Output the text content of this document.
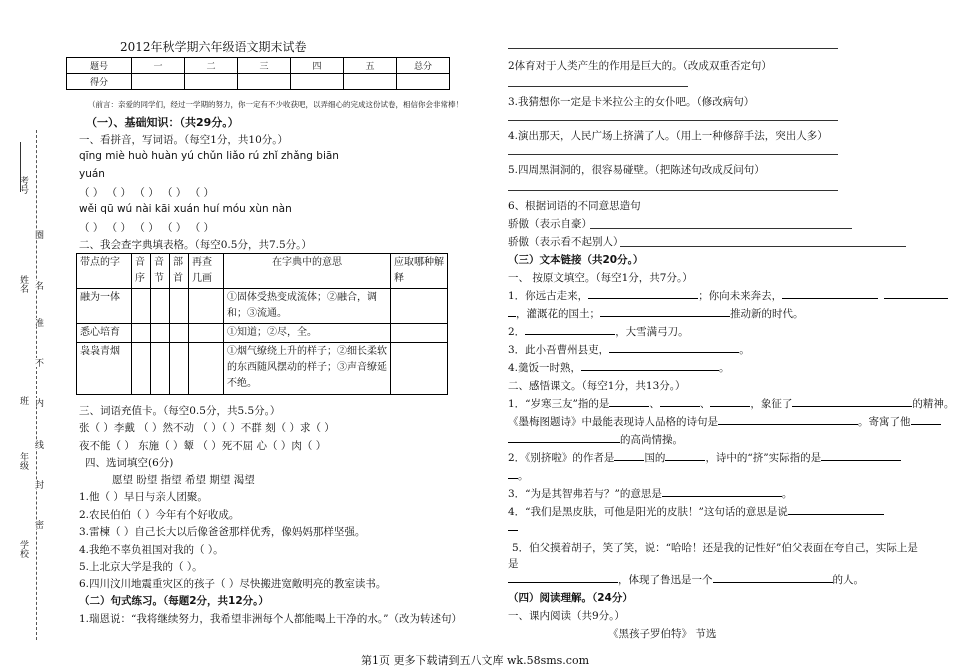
考号
姓名
班
年级
学校
圈
名
准
不
内
线
封
密
2012年秋学期六年级语文期末试卷
题号	一	二	三	四	五	总分
得分						
（前言：亲爱的同学们，经过一学期的努力，你一定有不少收获吧，以弄细心的完成这份试卷，相信你会非常棒！
（一）、基础知识：（共29分。）
一、看拼音，写词语。（每空1分，共10分。）
qīng miè huò huàn yú chǔn liǎo rú zhǐ zhǎng biān
yuán
（ ） （ ） （ ） （ ） （ ）
wěi qū wú nài kāi xuán huí móu xùn nàn
（ ） （ ） （ ） （ ） （ ）
二、我会查字典填表格。（每空0.5分，共7.5分。）
带点的字	音序	音节	部首	再查几画	在字典中的意思	应取哪种解释
融为一体					①固体受热变成流体；②融合，调和；③流通。	
悉心培育					①知道；②尽，全。	
袅袅青烟					①烟气缭绕上升的样子；②细长柔软的东西随风摆动的样子；③声音缭延不绝。	
三、词语充值卡。（每空0.5分，共5.5分。）
张（ ）李戴 （ ）然不动 （ ）（ ）不群 刻（ ）求（ ）
夜不能（ ） 东施（ ）颦 （ ）死不屈 心（ ）肉（ ）
四、选词填空(6分)
愿望 盼望 指望 希望 期望 渴望
1.他（ ）早日与亲人团聚。
2.农民伯伯（ ）今年有个好收成。
3.雷楝（ ）自己长大以后像爸爸那样优秀，像妈妈那样坚强。
4.我绝不辜负祖国对我的（ ）。
5.上北京大学是我的（ ）。
6.四川汶川地震重灾区的孩子（ ）尽快搬进宽敞明亮的教室读书。
（二）句式练习。（每题2分，共12分。）
1.瑞恩说：“我将继续努力，我希望非洲每个人都能喝上干净的水。”（改为转述句）
2体育对于人类产生的作用是巨大的。（改成双重否定句）
3.我猜想你一定是卡米拉公主的女仆吧。（修改病句）
4.演出那天，人民广场上挤满了人。（用上一种修辞手法，突出人多）
5.四周黑洞洞的，很容易碰壁。（把陈述句改成反问句）
6、根据词语的不同意思造句
骄傲（表示自豪）
骄傲（表示看不起别人）
（三）文本链接（共20分。）
一、 按原文填空。（每空1分，共7分。）
1．你远古走来，	；你向未来奔去，
，灌溉花的国土；	推动新的时代。
2．	，大雪满弓刀。
3．此小吾曹州县吏，	。
4.羹饭一时熟，	。
二、感悟课文。（每空1分，共13分。）
1．“岁寒三友”指的是	、	、	，象征了	的精神。
《墨梅图题诗》中最能表现诗人品格的诗句是	。寄寓了他
的高尚情操。
2．《别挤啦》的作者是	国的	，诗中的“挤”实际指的是
。
3．“为是其智弗若与？”的意思是	。
4．“我们是黑皮肤，可他是阳光的皮肤！”这句话的意思是说
5．伯父摸着胡子，笑了笑，说：“哈哈！还是我的记性好”伯父表面在夸自己，实际上是
是
，体现了鲁迅是一个	的人。
（四）阅读理解。（24分）
一、课内阅读（共9分。）
《黑孩子罗伯特》 节选
第1页 更多下载请到五八文库 wk.58sms.com
